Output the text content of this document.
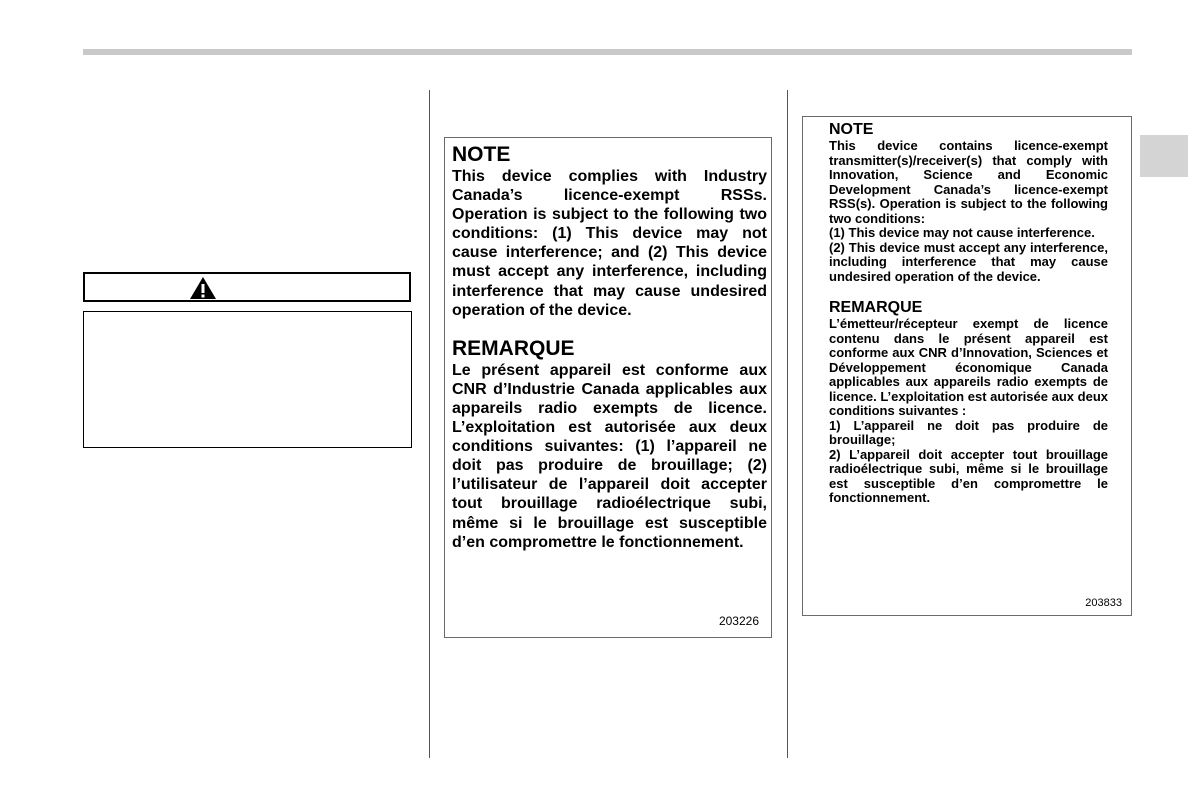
NOTE

This device complies with Industry Canada’s licence-exempt RSSs. Operation is subject to the following two conditions: (1) This device may not cause interference; and (2) This device must accept any interference, including interference that may cause undesired operation of the device.

REMARQUE

Le présent appareil est conforme aux CNR d’Industrie Canada applicables aux appareils radio exempts de licence. L’exploitation est autorisée aux deux conditions suivantes: (1) l’appareil ne doit pas produire de brouillage; (2) l’utilisateur de l’appareil doit accepter tout brouillage radioélectrique subi, même si le brouillage est susceptible d’en compromettre le fonctionnement.

203226

NOTE

This device contains licence-exempt transmitter(s)/receiver(s) that comply with Innovation, Science and Economic Development Canada’s licence-exempt RSS(s). Operation is subject to the following two conditions:

(1) This device may not cause interference.

(2) This device must accept any interference, including interference that may cause undesired operation of the device.

REMARQUE

L’émetteur/récepteur exempt de licence contenu dans le présent appareil est conforme aux CNR d’Innovation, Sciences et Développement économique Canada applicables aux appareils radio exempts de licence. L’exploitation est autorisée aux deux conditions suivantes :

1) L’appareil ne doit pas produire de brouillage;

2) L’appareil doit accepter tout brouillage radioélectrique subi, même si le brouillage est susceptible d’en compromettre le fonctionnement.

203833
